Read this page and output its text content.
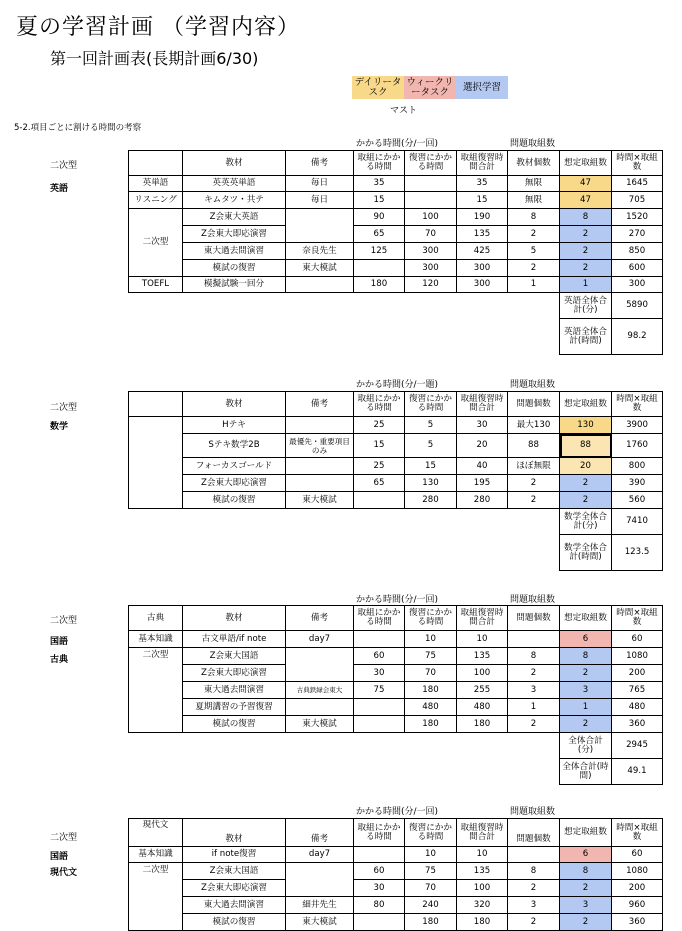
夏の学習計画 （学習内容）
第一回計画表(長期計画6/30)
デイリータスク
ウィークリータスク	選択学習
マスト
5-2.項目ごとに割ける時間の考察
かかる時間(分/一回)	問題取組数
二次型
英語
	教材	備考	取組にかかる時間	復習にかかる時間	取組復習時間合計	教材個数	想定取組数	時間×取組数
英単語	英英英単語	毎日	35		35	無限	47	1645
リスニング	キムタツ・共テ	毎日	15		15	無限	47	705
二次型	Z会東大英語		90	100	190	8	8	1520
	Z会東大即応演習		65	70	135	2	2	270
	東大過去問演習	奈良先生	125	300	425	5	2	850
	模試の復習	東大模試		300	300	2	2	600
TOEFL	模擬試験一回分		180	120	300	1	1	300
							英語全体合計(分)	5890
							英語全体合計(時間)	98.2
かかる時間(分/一題)	問題取組数
二次型
数学
	教材	備考	取組にかかる時間	復習にかかる時間	取組復習時間合計	問題個数	想定取組数	時間×取組数
	Hテキ		25	5	30	最大130	130	3900
	Sテキ数学2B	最優先・重要項目のみ	15	5	20	88	88	1760
	フォーカスゴールド		25	15	40	ほぼ無限	20	800
	Z会東大即応演習		65	130	195	2	2	390
	模試の復習	東大模試		280	280	2	2	560
							数学全体合計(分)	7410
							数学全体合計(時間)	123.5
かかる時間(分/一回)	問題取組数
二次型
国語
古典
古典	教材	備考	取組にかかる時間	復習にかかる時間	取組復習時間合計	問題個数	想定取組数	時間×取組数
基本知識	古文単語/if note	day7		10	10		6	60
二次型	Z会東大国語		60	75	135	8	8	1080
	Z会東大即応演習		30	70	100	2	2	200
	東大過去問演習	古典鉄緑会東大	75	180	255	3	3	765
	夏期講習の予習復習			480	480	1	1	480
	模試の復習	東大模試		180	180	2	2	360
							全体合計(分)	2945
							全体合計(時間)	49.1
かかる時間(分/一回)	問題取組数
二次型
国語
現代文
現代文	教材	備考	取組にかかる時間	復習にかかる時間	取組復習時間合計	問題個数	想定取組数	時間×取組数
基本知識	if note復習	day7		10	10		6	60
二次型	Z会東大国語		60	75	135	8	8	1080
	Z会東大即応演習		30	70	100	2	2	200
	東大過去問演習	細井先生	80	240	320	3	3	960
	模試の復習	東大模試		180	180	2	2	360
